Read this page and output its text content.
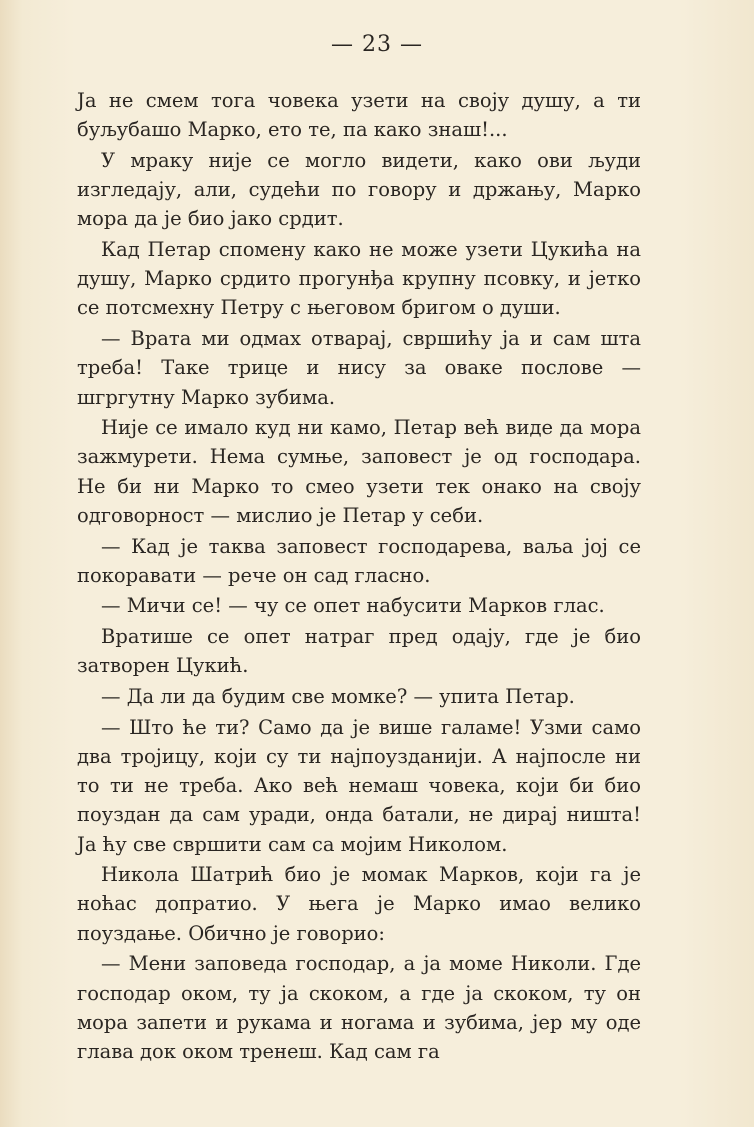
— 23 —

Ја не смем тога човека узети на своју душу, а ти буљубашо Марко, ето те, па како знаш!...

У мраку није се могло видети, како ови људи изгледају, али, судећи по говору и држању, Марко мора да је био јако срдит.

Кад Петар спомену како не може узети Цукића на душу, Марко срдито прогунђа крупну псовку, и јетко се потсмехну Петру с његовом бригом о души.

— Врата ми одмах отварај, свршићу ја и сам шта треба! Таке трице и нису за оваке послове — шгргутну Марко зубима.

Није се имало куд ни камо, Петар већ виде да мора зажмурети. Нема сумње, заповест је од господара. Не би ни Марко то смео узети тек онако на своју одговорност — мислио је Петар у себи.

— Кад је таква заповест господарева, ваља јој се покоравати — рече он сад гласно.

— Мичи се! — чу се опет набусити Марков глас.

Вратише се опет натраг пред одају, где је био затворен Цукић.

— Да ли да будим све момке? — упита Петар.

— Што ће ти? Само да је више галаме! Узми само два тројицу, који су ти најпоузданији. А најпосле ни то ти не треба. Ако већ немаш човека, који би био поуздан да сам уради, онда батали, не дирај ништа! Ја ћу све свршити сам са мојим Николом.

Никола Шатрић био је момак Марков, који га је ноћас допратио. У њега је Марко имао велико поуздање. Обично је говорио:

— Мени заповеда господар, а ја моме Николи. Где господар оком, ту ја скоком, а где ја скоком, ту он мора запети и рукама и ногама и зубима, јер му оде глава док оком тренеш. Кад сам га
